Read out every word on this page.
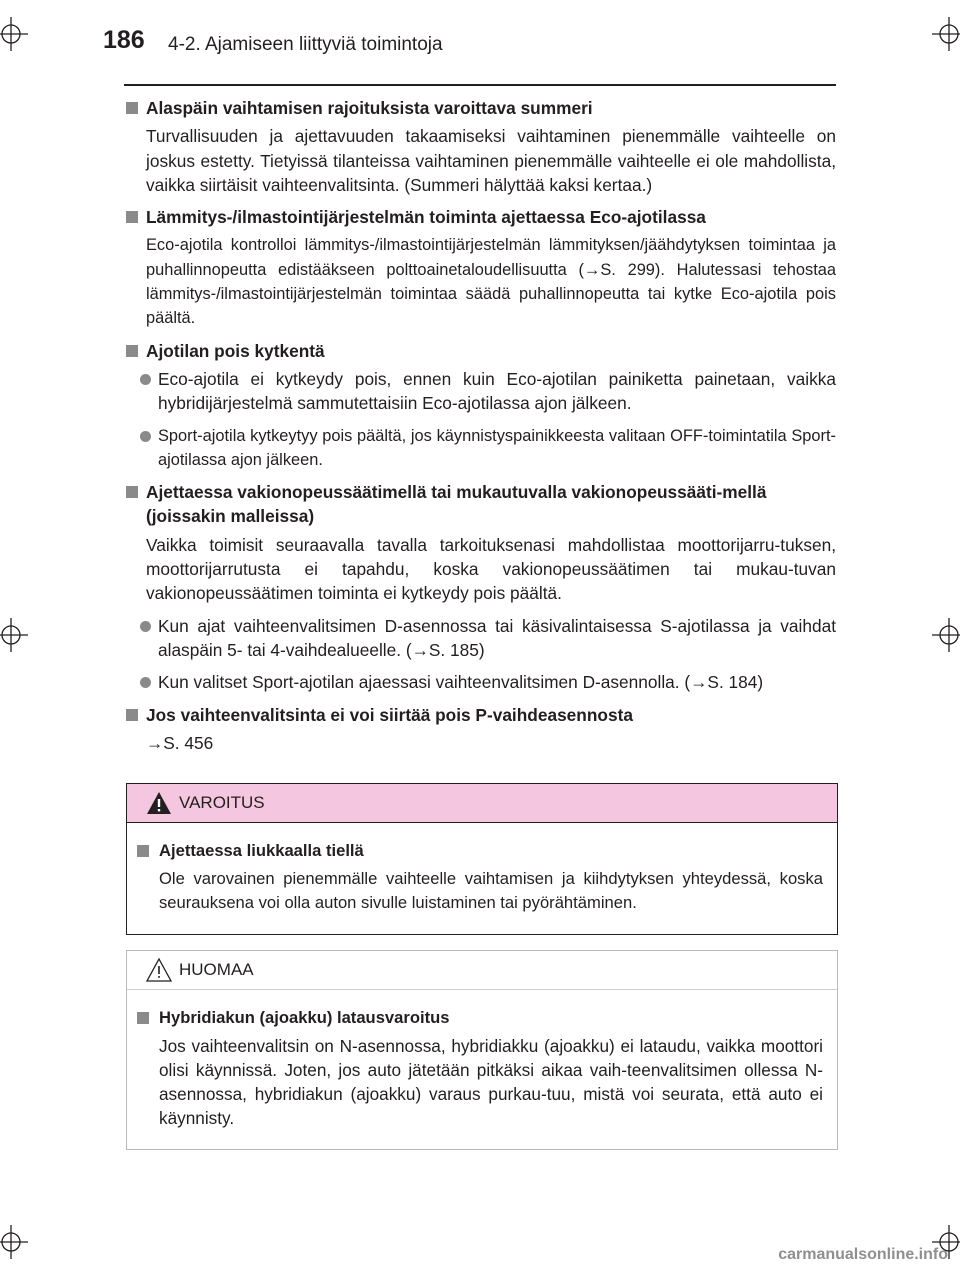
186 4-2. Ajamiseen liittyviä toimintoja
Alaspäin vaihtamisen rajoituksista varoittava summeri
Turvallisuuden ja ajettavuuden takaamiseksi vaihtaminen pienemmälle vaihteelle on joskus estetty. Tietyissä tilanteissa vaihtaminen pienemmälle vaihteelle ei ole mahdollista, vaikka siirtäisit vaihteenvalitsinta. (Summeri hälyttää kaksi kertaa.)
Lämmitys-/ilmastointijärjestelmän toiminta ajettaessa Eco-ajotilassa
Eco-ajotila kontrolloi lämmitys-/ilmastointijärjestelmän lämmityksen/jäähdytyksen toimintaa ja puhallinnopeutta edistääkseen polttoainetaloudellisuutta (→S. 299). Halutessasi tehostaa lämmitys-/ilmastointijärjestelmän toimintaa säädä puhallinnopeutta tai kytke Eco-ajotila pois päältä.
Ajotilan pois kytkentä
Eco-ajotila ei kytkeydy pois, ennen kuin Eco-ajotilan painiketta painetaan, vaikka hybridijärjestelmä sammutettaisiin Eco-ajotilassa ajon jälkeen.
Sport-ajotila kytkeytyy pois päältä, jos käynnistyspainikkeesta valitaan OFF-toimintatila Sport-ajotilassa ajon jälkeen.
Ajettaessa vakionopeussäätimellä tai mukautuvalla vakionopeussääti-mellä (joissakin malleissa)
Vaikka toimisit seuraavalla tavalla tarkoituksenasi mahdollistaa moottorijarru-tuksen, moottorijarrutusta ei tapahdu, koska vakionopeussäätimen tai mukau-tuvan vakionopeussäätimen toiminta ei kytkeydy pois päältä.
Kun ajat vaihteenvalitsimen D-asennossa tai käsivalintaisessa S-ajotilassa ja vaihdat alaspäin 5- tai 4-vaihdealueelle. (→S. 185)
Kun valitset Sport-ajotilan ajaessasi vaihteenvalitsimen D-asennolla. (→S. 184)
Jos vaihteenvalitsinta ei voi siirtää pois P-vaihdeasennosta
→S. 456
VAROITUS
Ajettaessa liukkaalla tiellä
Ole varovainen pienemmälle vaihteelle vaihtamisen ja kiihdytyksen yhteydessä, koska seurauksena voi olla auton sivulle luistaminen tai pyörähtäminen.
HUOMAA
Hybridiakun (ajoakku) latausvaroitus
Jos vaihteenvalitsin on N-asennossa, hybridiakku (ajoakku) ei lataudu, vaikka moottori olisi käynnissä. Joten, jos auto jätetään pitkäksi aikaa vaih-teenvalitsimen ollessa N-asennossa, hybridiakun (ajoakku) varaus purkau-tuu, mistä voi seurata, että auto ei käynnisty.
carmanualsonline.info
